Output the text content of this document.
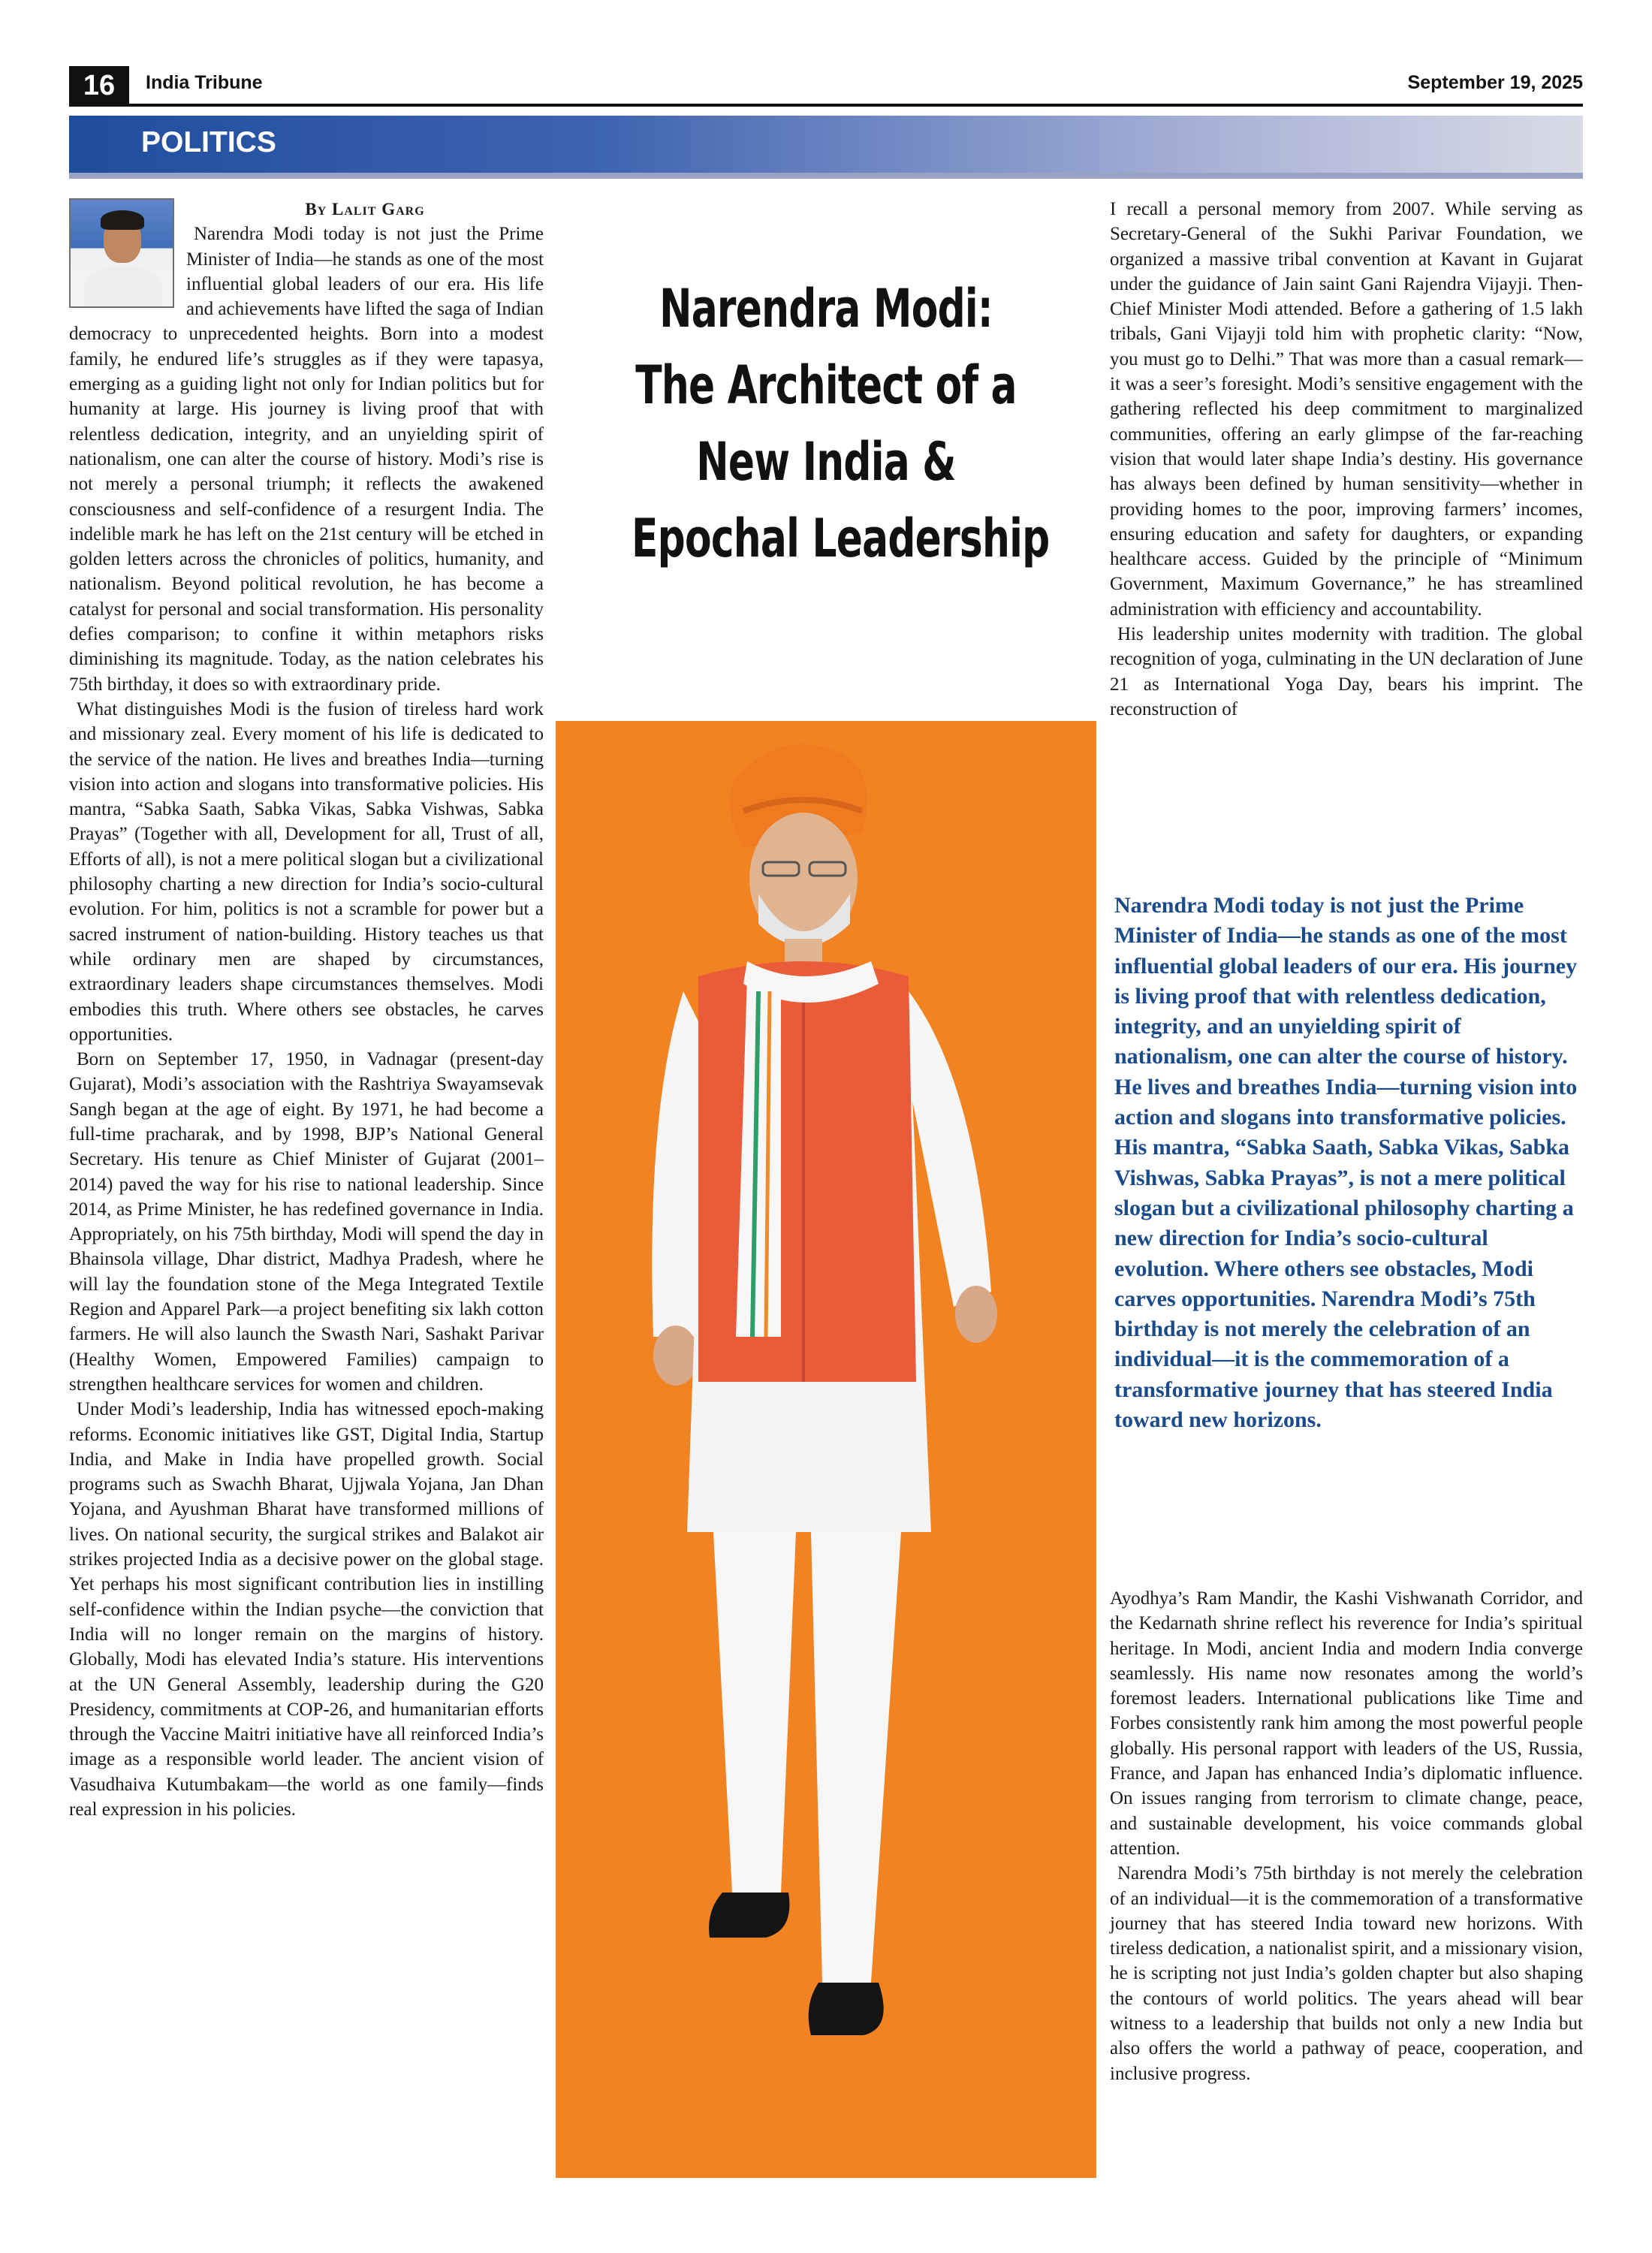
16	India Tribune	September 19, 2025
POLITICS
By Lalit Garg

Narendra Modi today is not just the Prime Minister of India—he stands as one of the most influential global leaders of our era. His life and achievements have lifted the saga of Indian democracy to unprecedented heights. Born into a modest family, he endured life’s struggles as if they were tapasya, emerging as a guiding light not only for Indian politics but for humanity at large. His journey is living proof that with relentless dedication, integrity, and an unyielding spirit of nationalism, one can alter the course of history. Modi’s rise is not merely a personal triumph; it reflects the awakened consciousness and self-confidence of a resurgent India. The indelible mark he has left on the 21st century will be etched in golden letters across the chronicles of politics, humanity, and nationalism. Beyond political revolution, he has become a catalyst for personal and social transformation. His personality defies comparison; to confine it within metaphors risks diminishing its magnitude. Today, as the nation celebrates his 75th birthday, it does so with extraordinary pride.

What distinguishes Modi is the fusion of tireless hard work and missionary zeal. Every moment of his life is dedicated to the service of the nation. He lives and breathes India—turning vision into action and slogans into transformative policies. His mantra, “Sabka Saath, Sabka Vikas, Sabka Vishwas, Sabka Prayas” (Together with all, Development for all, Trust of all, Efforts of all), is not a mere political slogan but a civilizational philosophy charting a new direction for India’s socio-cultural evolution. For him, politics is not a scramble for power but a sacred instrument of nation-building. History teaches us that while ordinary men are shaped by circumstances, extraordinary leaders shape circumstances themselves. Modi embodies this truth. Where others see obstacles, he carves opportunities.

Born on September 17, 1950, in Vadnagar (present-day Gujarat), Modi’s association with the Rashtriya Swayamsevak Sangh began at the age of eight. By 1971, he had become a full-time pracharak, and by 1998, BJP’s National General Secretary. His tenure as Chief Minister of Gujarat (2001–2014) paved the way for his rise to national leadership. Since 2014, as Prime Minister, he has redefined governance in India. Appropriately, on his 75th birthday, Modi will spend the day in Bhainsola village, Dhar district, Madhya Pradesh, where he will lay the foundation stone of the Mega Integrated Textile Region and Apparel Park—a project benefiting six lakh cotton farmers. He will also launch the Swasth Nari, Sashakt Parivar (Healthy Women, Empowered Families) campaign to strengthen healthcare services for women and children.

Under Modi’s leadership, India has witnessed epoch-making reforms. Economic initiatives like GST, Digital India, Startup India, and Make in India have propelled growth. Social programs such as Swachh Bharat, Ujjwala Yojana, Jan Dhan Yojana, and Ayushman Bharat have transformed millions of lives. On national security, the surgical strikes and Balakot air strikes projected India as a decisive power on the global stage. Yet perhaps his most significant contribution lies in instilling self-confidence within the Indian psyche—the conviction that India will no longer remain on the margins of history. Globally, Modi has elevated India’s stature. His interventions at the UN General Assembly, leadership during the G20 Presidency, commitments at COP-26, and humanitarian efforts through the Vaccine Maitri initiative have all reinforced India’s image as a responsible world leader. The ancient vision of Vasudhaiva Kutumbakam—the world as one family—finds real expression in his policies.

Narendra Modi:
The Architect of a
New India &
Epochal Leadership

I recall a personal memory from 2007. While serving as Secretary-General of the Sukhi Parivar Foundation, we organized a massive tribal convention at Kavant in Gujarat under the guidance of Jain saint Gani Rajendra Vijayji. Then-Chief Minister Modi attended. Before a gathering of 1.5 lakh tribals, Gani Vijayji told him with prophetic clarity: “Now, you must go to Delhi.” That was more than a casual remark—it was a seer’s foresight. Modi’s sensitive engagement with the gathering reflected his deep commitment to marginalized communities, offering an early glimpse of the far-reaching vision that would later shape India’s destiny. His governance has always been defined by human sensitivity—whether in providing homes to the poor, improving farmers’ incomes, ensuring education and safety for daughters, or expanding healthcare access. Guided by the principle of “Minimum Government, Maximum Governance,” he has streamlined administration with efficiency and accountability.

His leadership unites modernity with tradition. The global recognition of yoga, culminating in the UN declaration of June 21 as International Yoga Day, bears his imprint. The reconstruction of

Narendra Modi today is not just the Prime Minister of India—he stands as one of the most influential global leaders of our era. His journey is living proof that with relentless dedication, integrity, and an unyielding spirit of nationalism, one can alter the course of history. He lives and breathes India—turning vision into action and slogans into transformative policies. His mantra, “Sabka Saath, Sabka Vikas, Sabka Vishwas, Sabka Prayas”, is not a mere political slogan but a civilizational philosophy charting a new direction for India’s socio-cultural evolution. Where others see obstacles, Modi carves opportunities. Narendra Modi’s 75th birthday is not merely the celebration of an individual—it is the commemoration of a transformative journey that has steered India toward new horizons.

Ayodhya’s Ram Mandir, the Kashi Vishwanath Corridor, and the Kedarnath shrine reflect his reverence for India’s spiritual heritage. In Modi, ancient India and modern India converge seamlessly. His name now resonates among the world’s foremost leaders. International publications like Time and Forbes consistently rank him among the most powerful people globally. His personal rapport with leaders of the US, Russia, France, and Japan has enhanced India’s diplomatic influence. On issues ranging from terrorism to climate change, peace, and sustainable development, his voice commands global attention.

Narendra Modi’s 75th birthday is not merely the celebration of an individual—it is the commemoration of a transformative journey that has steered India toward new horizons. With tireless dedication, a nationalist spirit, and a missionary vision, he is scripting not just India’s golden chapter but also shaping the contours of world politics. The years ahead will bear witness to a leadership that builds not only a new India but also offers the world a pathway of peace, cooperation, and inclusive progress.
